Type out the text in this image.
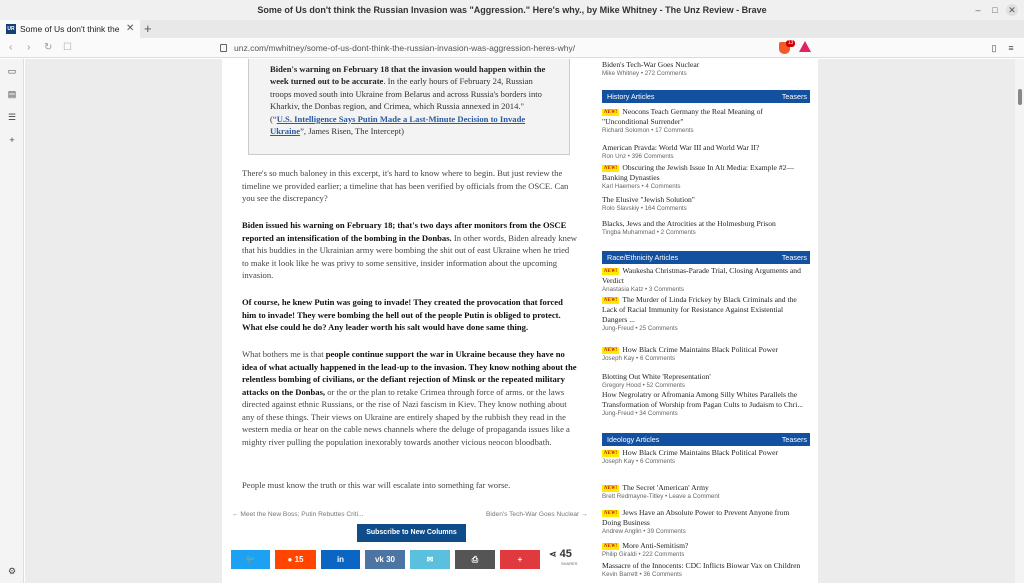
Some of Us don't think the Russian Invasion was "Aggression." Here's why., by Mike Whitney - The Unz Review - Brave	–	□	✕
UR Some of Us don't think the ✕ +
‹ › ↻ ☐	unz.com/mwhitney/some-of-us-dont-think-the-russian-invasion-was-aggression-heres-why/	13	▯ ≡
▭
▤
☰
+
⚙
Biden's warning on February 18 that the invasion would happen within the week turned out to be accurate. In the early hours of February 24, Russian troops moved south into Ukraine from Belarus and across Russia's borders into Kharkiv, the Donbas region, and Crimea, which Russia annexed in 2014." (“U.S. Intelligence Says Putin Made a Last-Minute Decision to Invade Ukraine”, James Risen, The Intercept)
There's so much baloney in this excerpt, it's hard to know where to begin. But just review the timeline we provided earlier; a timeline that has been verified by officials from the OSCE. Can you see the discrepancy?
Biden issued his warning on February 18; that's two days after monitors from the OSCE reported an intensification of the bombing in the Donbas. In other words, Biden already knew that his buddies in the Ukrainian army were bombing the shit out of east Ukraine when he tried to make it look like he was privy to some sensitive, insider information about the upcoming invasion.
Of course, he knew Putin was going to invade! They created the provocation that forced him to invade! They were bombing the hell out of the people Putin is obliged to protect. What else could he do? Any leader worth his salt would have done same thing.
What bothers me is that people continue support the war in Ukraine because they have no idea of what actually happened in the lead-up to the invasion. They know nothing about the relentless bombing of civilians, or the defiant rejection of Minsk or the repeated military attacks on the Donbas, or the or the plan to retake Crimea through force of arms. or the laws directed against ethnic Russians, or the rise of Nazi fascism in Kiev. They know nothing about any of these things. Their views on Ukraine are entirely shaped by the rubbish they read in the western media or hear on the cable news channels where the deluge of propaganda issues like a mighty river pulling the population inexorably towards another vicious neocon bloodbath.
People must know the truth or this war will escalate into something far worse.
← Meet the New Boss; Putin Rebuttes Criti...	Biden's Tech-War Goes Nuclear →
Subscribe to New Columns
🐦	● 15	in	vk 30	✉	⎙	+
⋖ 45
SHARES
Biden's Tech-War Goes Nuclear
Mike Whitney • 272 Comments
History Articles	Teasers
NEW! Neocons Teach Germany the Real Meaning of "Unconditional Surrender"
Richard Solomon • 17 Comments
American Pravda: World War III and World War II?
Ron Unz • 396 Comments
NEW! Obscuring the Jewish Issue In Alt Media: Example #2—Banking Dynasties
Karl Haemers • 4 Comments
The Elusive "Jewish Solution"
Rolo Slavskiy • 164 Comments
Blacks, Jews and the Atrocities at the Holmesburg Prison
Tingba Muhammad • 2 Comments
Race/Ethnicity Articles	Teasers
NEW! Waukesha Christmas-Parade Trial, Closing Arguments and Verdict
Anastasia Katz • 3 Comments
NEW! The Murder of Linda Frickey by Black Criminals and the Lack of Racial Immunity for Resistance Against Existential Dangers ...
Jung-Freud • 25 Comments
NEW! How Black Crime Maintains Black Political Power
Joseph Kay • 6 Comments
Blotting Out White 'Representation'
Gregory Hood • 52 Comments
How Negrolatry or Afromania Among Silly Whites Parallels the Transformation of Worship from Pagan Cults to Judaism to Chri...
Jung-Freud • 34 Comments
Ideology Articles	Teasers
NEW! How Black Crime Maintains Black Political Power
Joseph Kay • 6 Comments
NEW! The Secret 'American' Army
Brett Redmayne-Titley • Leave a Comment
NEW! Jews Have an Absolute Power to Prevent Anyone from Doing Business
Andrew Anglin • 39 Comments
NEW! More Anti-Semitism?
Philip Giraldi • 222 Comments
Massacre of the Innocents: CDC Inflicts Biowar Vax on Children
Kevin Barrett • 36 Comments
